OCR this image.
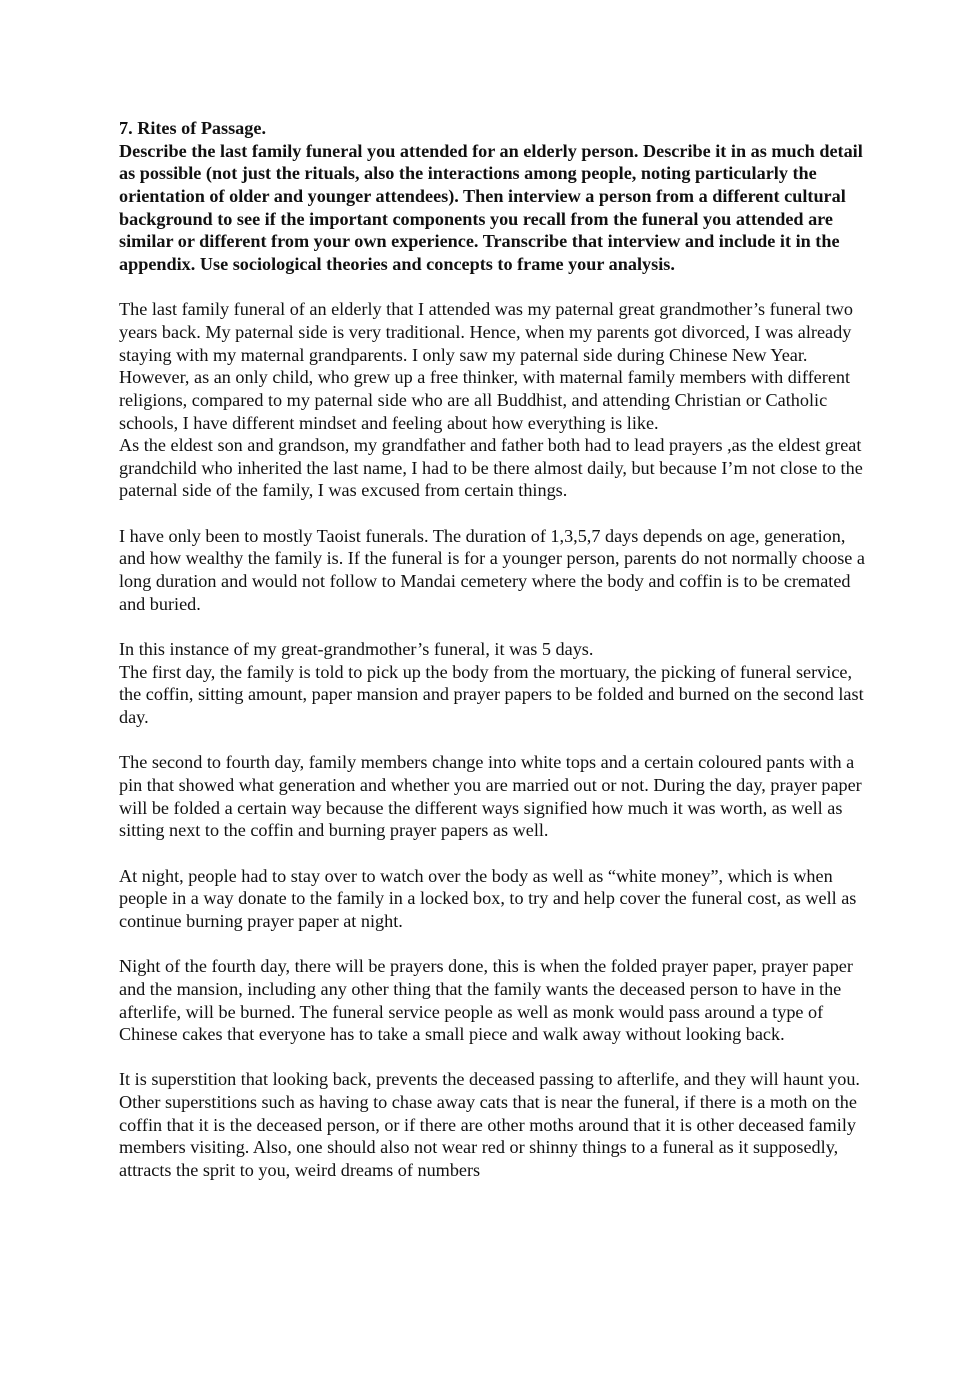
7. Rites of Passage.

Describe the last family funeral you attended for an elderly person. Describe it in as much detail as possible (not just the rituals, also the interactions among people, noting particularly the orientation of older and younger attendees). Then interview a person from a different cultural background to see if the important components you recall from the funeral you attended are similar or different from your own experience. Transcribe that interview and include it in the appendix. Use sociological theories and concepts to frame your analysis.

The last family funeral of an elderly that I attended was my paternal great grandmother’s funeral two years back. My paternal side is very traditional. Hence, when my parents got divorced, I was already staying with my maternal grandparents. I only saw my paternal side during Chinese New Year. However, as an only child, who grew up a free thinker, with maternal family members with different religions, compared to my paternal side who are all Buddhist, and attending Christian or Catholic schools, I have different mindset and feeling about how everything is like.

As the eldest son and grandson, my grandfather and father both had to lead prayers ,as the eldest great grandchild who inherited the last name, I had to be there almost daily, but because I’m not close to the paternal side of the family, I was excused from certain things.

I have only been to mostly Taoist funerals. The duration of 1,3,5,7 days depends on age, generation, and how wealthy the family is. If the funeral is for a younger person, parents do not normally choose a long duration and would not follow to Mandai cemetery where the body and coffin is to be cremated and buried.

In this instance of my great-grandmother’s funeral, it was 5 days.

The first day, the family is told to pick up the body from the mortuary, the picking of funeral service, the coffin, sitting amount, paper mansion and prayer papers to be folded and burned on the second last day.

The second to fourth day, family members change into white tops and a certain coloured pants with a pin that showed what generation and whether you are married out or not. During the day, prayer paper will be folded a certain way because the different ways signified how much it was worth, as well as sitting next to the coffin and burning prayer papers as well.

At night, people had to stay over to watch over the body as well as “white money”, which is when people in a way donate to the family in a locked box, to try and help cover the funeral cost, as well as continue burning prayer paper at night.

Night of the fourth day, there will be prayers done, this is when the folded prayer paper, prayer paper and the mansion, including any other thing that the family wants the deceased person to have in the afterlife, will be burned. The funeral service people as well as monk would pass around a type of Chinese cakes that everyone has to take a small piece and walk away without looking back.

It is superstition that looking back, prevents the deceased passing to afterlife, and they will haunt you. Other superstitions such as having to chase away cats that is near the funeral, if there is a moth on the coffin that it is the deceased person, or if there are other moths around that it is other deceased family members visiting. Also, one should also not wear red or shinny things to a funeral as it supposedly, attracts the sprit to you, weird dreams of numbers
